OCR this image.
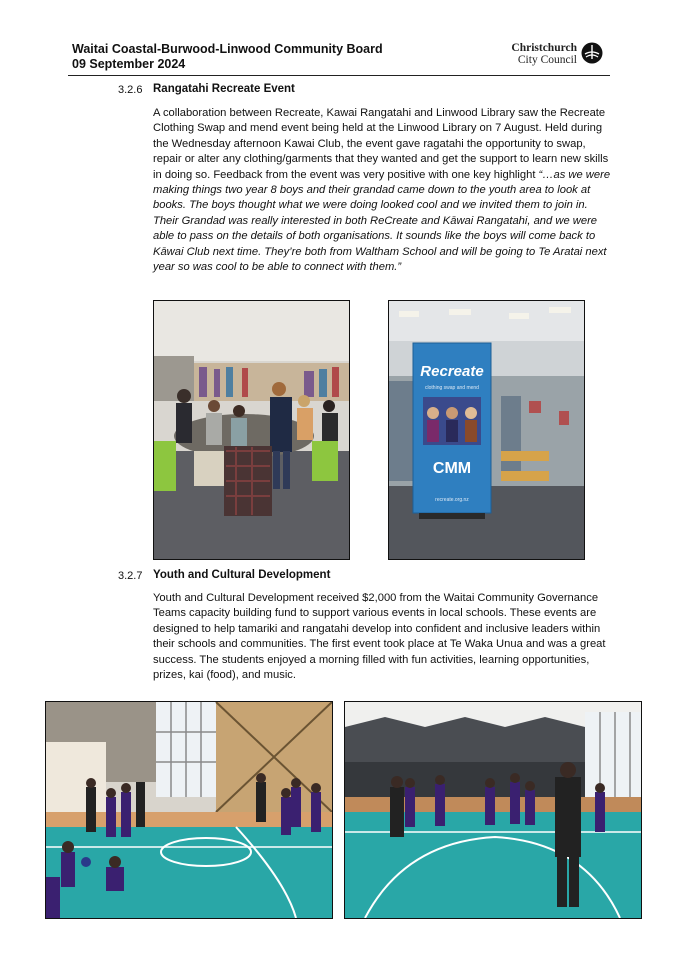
Waitai Coastal-Burwood-Linwood Community Board
09 September 2024
Christchurch
City Council
3.2.6 Rangatahi Recreate Event

A collaboration between Recreate, Kawai Rangatahi and Linwood Library saw the Recreate Clothing Swap and mend event being held at the Linwood Library on 7 August. Held during the Wednesday afternoon Kawai Club, the event gave ragatahi the opportunity to swap, repair or alter any clothing/garments that they wanted and get the support to learn new skills in doing so. Feedback from the event was very positive with one key highlight “…as we were making things two year 8 boys and their grandad came down to the youth area to look at books. The boys thought what we were doing looked cool and we invited them to join in. Their Grandad was really interested in both ReCreate and Kāwai Rangatahi, and we were able to pass on the details of both organisations. It sounds like the boys will come back to Kāwai Club next time. They’re both from Waltham School and will be going to Te Aratai next year so was cool to be able to connect with them.”

Recreate
clothing swap and mend
CMM
recreate.org.nz
3.2.7 Youth and Cultural Development

Youth and Cultural Development received $2,000 from the Waitai Community Governance Teams capacity building fund to support various events in local schools. These events are designed to help tamariki and rangatahi develop into confident and inclusive leaders within their schools and communities. The first event took place at Te Waka Unua and was a great success. The students enjoyed a morning filled with fun activities, learning opportunities, prizes, kai (food), and music.
